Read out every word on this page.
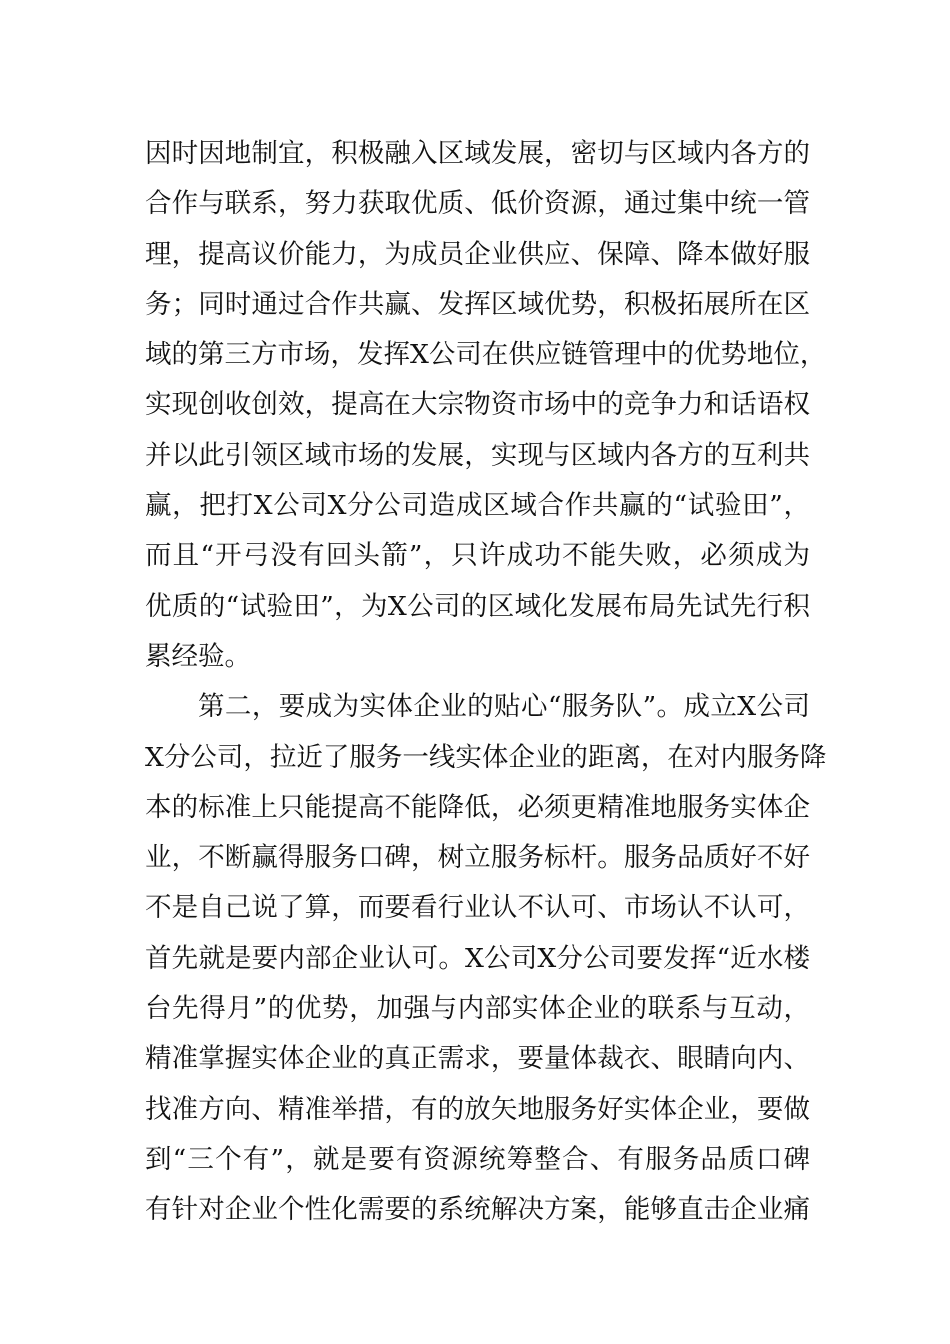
因时因地制宜，积极融入区域发展，密切与区域内各方的
合作与联系，努力获取优质、低价资源，通过集中统一管
理，提高议价能力，为成员企业供应、保障、降本做好服
务；同时通过合作共赢、发挥区域优势，积极拓展所在区
域的第三方市场，发挥X公司在供应链管理中的优势地位，
实现创收创效，提高在大宗物资市场中的竞争力和话语权
并以此引领区域市场的发展，实现与区域内各方的互利共
赢，把打X公司X分公司造成区域合作共赢的“试验田”，
而且“开弓没有回头箭”，只许成功不能失败，必须成为
优质的“试验田”，为X公司的区域化发展布局先试先行积
累经验。
第二，要成为实体企业的贴心“服务队”。成立X公司
X分公司，拉近了服务一线实体企业的距离，在对内服务降
本的标准上只能提高不能降低，必须更精准地服务实体企
业，不断赢得服务口碑，树立服务标杆。服务品质好不好
不是自己说了算，而要看行业认不认可、市场认不认可，
首先就是要内部企业认可。X公司X分公司要发挥“近水楼
台先得月”的优势，加强与内部实体企业的联系与互动，
精准掌握实体企业的真正需求，要量体裁衣、眼睛向内、
找准方向、精准举措，有的放矢地服务好实体企业，要做
到“三个有”，就是要有资源统筹整合、有服务品质口碑
有针对企业个性化需要的系统解决方案，能够直击企业痛
